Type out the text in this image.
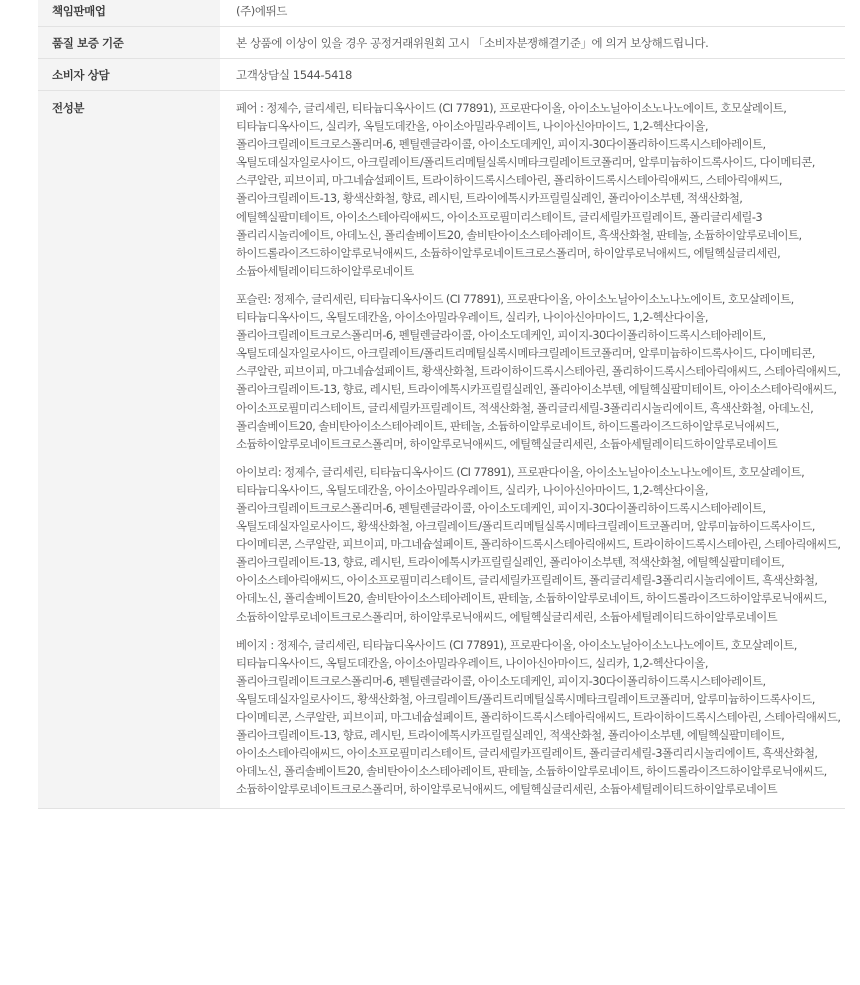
책임판매업	(주)에뛰드
품질 보증 기준	본 상품에 이상이 있을 경우 공정거래위원회 고시 「소비자분쟁해결기준」에 의거 보상해드립니다.
소비자 상담	고객상담실 1544-5418
전성분	페어 : 정제수, 글리세린, 티타늄디옥사이드 (CI 77891), 프로판다이올, 아이소노닐아이소노나노에이트, 호모살레이트, 티타늄디옥사이드, 실리카, 옥틸도데칸올, 아이소아밀라우레이트, 나이아신아마이드, 1,2-헥산다이올, 폴리아크릴레이트크로스폴리머-6, 펜틸렌글라이콜, 아이소도데케인, 피이지-30다이폴리하이드록시스테아레이트, 옥틸도데실자일로사이드, 아크릴레이트/폴리트리메틸실록시메타크릴레이트코폴리머, 알루미늄하이드록사이드, 다이메티콘, 스쿠알란, 피브이피, 마그네슘설페이트, 트라이하이드록시스테아린, 폴리하이드록시스테아릭애씨드, 스테아릭애씨드, 폴리아크릴레이트-13, 황색산화철, 향료, 레시틴, 트라이에톡시카프릴릴실레인, 폴리아이소부텐, 적색산화철, 에틸헥실팔미테이트, 아이소스테아릭애씨드, 아이소프로필미리스테이트, 글리세릴카프릴레이트, 폴리글리세릴-3 폴리리시놀리에이트, 아데노신, 폴리솔베이트20, 솔비탄아이소스테아레이트, 흑색산화철, 판테놀, 소듐하이알루로네이트, 하이드롤라이즈드하이알루로닉애씨드, 소듐하이알루로네이트크로스폴리머, 하이알루로닉애씨드, 에틸헥실글리세린, 소듐아세틸레이티드하이알루로네이트

포슬린: 정제수, 글리세린, 티타늄디옥사이드 (CI 77891), 프로판다이올, 아이소노닐아이소노나노에이트, 호모살레이트, 티타늄디옥사이드, 옥틸도데칸올, 아이소아밀라우레이트, 실리카, 나이아신아마이드, 1,2-헥산다이올, 폴리아크릴레이트크로스폴리머-6, 펜틸렌글라이콜, 아이소도데케인, 피이지-30다이폴리하이드록시스테아레이트, 옥틸도데실자일로사이드, 아크릴레이트/폴리트리메틸실록시메타크릴레이트코폴리머, 알루미늄하이드록사이드, 다이메티콘, 스쿠알란, 피브이피, 마그네슘설페이트, 황색산화철, 트라이하이드록시스테아린, 폴리하이드록시스테아릭애씨드, 스테아릭애씨드, 폴리아크릴레이트-13, 향료, 레시틴, 트라이에톡시카프릴릴실레인, 폴리아이소부텐, 에틸헥실팔미테이트, 아이소스테아릭애씨드, 아이소프로필미리스테이트, 글리세릴카프릴레이트, 적색산화철, 폴리글리세릴-3폴리리시놀리에이트, 흑색산화철, 아데노신, 폴리솔베이트20, 솔비탄아이소스테아레이트, 판테놀, 소듐하이알루로네이트, 하이드롤라이즈드하이알루로닉애씨드, 소듐하이알루로네이트크로스폴리머, 하이알루로닉애씨드, 에틸헥실글리세린, 소듐아세틸레이티드하이알루로네이트

아이보리: 정제수, 글리세린, 티타늄디옥사이드 (CI 77891), 프로판다이올, 아이소노닐아이소노나노에이트, 호모살레이트, 티타늄디옥사이드, 옥틸도데칸올, 아이소아밀라우레이트, 실리카, 나이아신아마이드, 1,2-헥산다이올, 폴리아크릴레이트크로스폴리머-6, 펜틸렌글라이콜, 아이소도데케인, 피이지-30다이폴리하이드록시스테아레이트, 옥틸도데실자일로사이드, 황색산화철, 아크릴레이트/폴리트리메틸실록시메타크릴레이트코폴리머, 알루미늄하이드록사이드, 다이메티콘, 스쿠알란, 피브이피, 마그네슘설페이트, 폴리하이드록시스테아릭애씨드, 트라이하이드록시스테아린, 스테아릭애씨드, 폴리아크릴레이트-13, 향료, 레시틴, 트라이에톡시카프릴릴실레인, 폴리아이소부텐, 적색산화철, 에틸헥실팔미테이트, 아이소스테아릭애씨드, 아이소프로필미리스테이트, 글리세릴카프릴레이트, 폴리글리세릴-3폴리리시놀리에이트, 흑색산화철, 아데노신, 폴리솔베이트20, 솔비탄아이소스테아레이트, 판테놀, 소듐하이알루로네이트, 하이드롤라이즈드하이알루로닉애씨드, 소듐하이알루로네이트크로스폴리머, 하이알루로닉애씨드, 에틸헥실글리세린, 소듐아세틸레이티드하이알루로네이트

베이지 : 정제수, 글리세린, 티타늄디옥사이드 (CI 77891), 프로판다이올, 아이소노닐아이소노나노에이트, 호모살레이트, 티타늄디옥사이드, 옥틸도데칸올, 아이소아밀라우레이트, 나이아신아마이드, 실리카, 1,2-헥산다이올, 폴리아크릴레이트크로스폴리머-6, 펜틸렌글라이콜, 아이소도데케인, 피이지-30다이폴리하이드록시스테아레이트, 옥틸도데실자일로사이드, 황색산화철, 아크릴레이트/폴리트리메틸실록시메타크릴레이트코폴리머, 알루미늄하이드록사이드, 다이메티콘, 스쿠알란, 피브이피, 마그네슘설페이트, 폴리하이드록시스테아릭애씨드, 트라이하이드록시스테아린, 스테아릭애씨드, 폴리아크릴레이트-13, 향료, 레시틴, 트라이에톡시카프릴릴실레인, 적색산화철, 폴리아이소부텐, 에틸헥실팔미테이트, 아이소스테아릭애씨드, 아이소프로필미리스테이트, 글리세릴카프릴레이트, 폴리글리세릴-3폴리리시놀리에이트, 흑색산화철, 아데노신, 폴리솔베이트20, 솔비탄아이소스테아레이트, 판테놀, 소듐하이알루로네이트, 하이드롤라이즈드하이알루로닉애씨드, 소듐하이알루로네이트크로스폴리머, 하이알루로닉애씨드, 에틸헥실글리세린, 소듐아세틸레이티드하이알루로네이트
